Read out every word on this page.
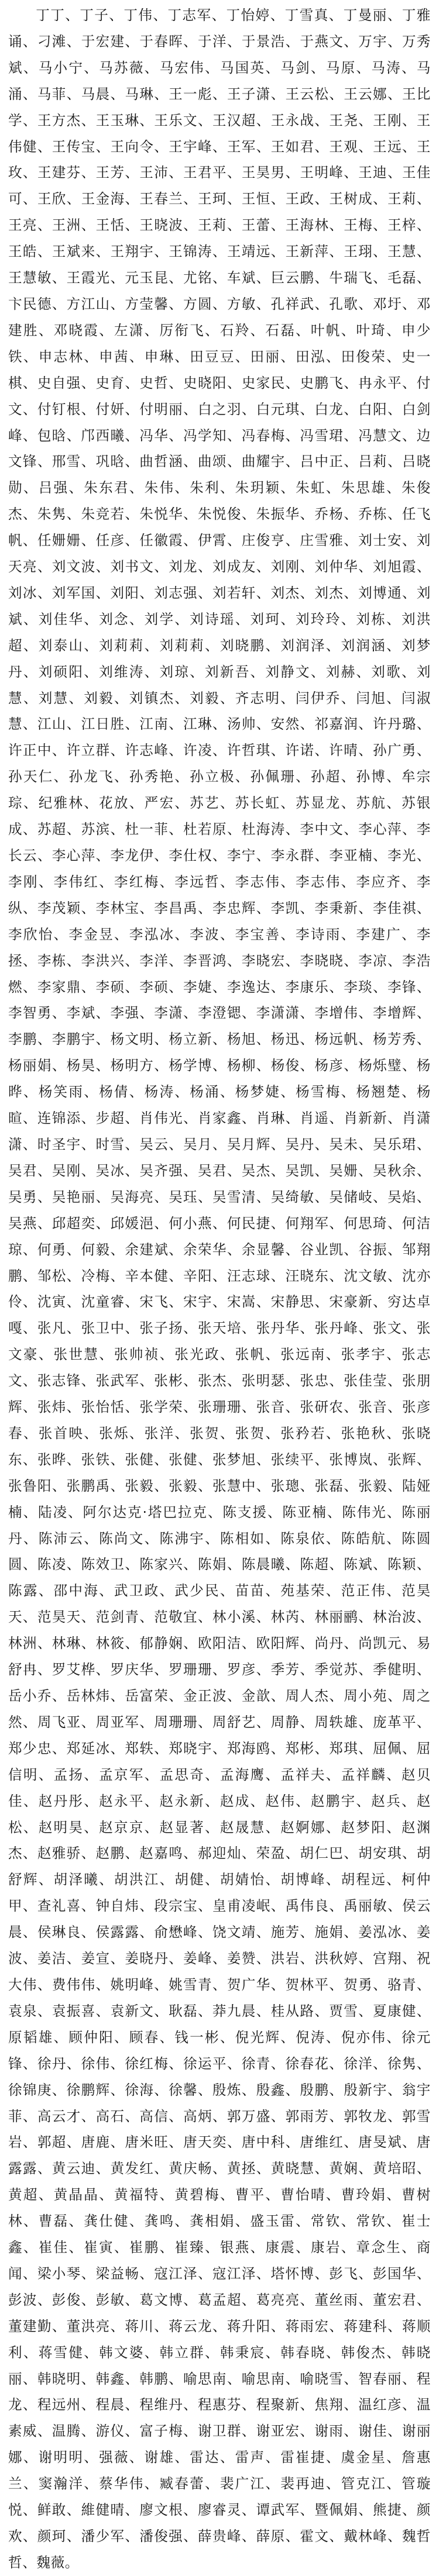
丁丁、丁子、丁伟、丁志军、丁怡婷、丁雪真、丁曼丽、丁雅诵、刁滩、于宏建、于春晖、于洋、于景浩、于燕文、万宇、万秀斌、马小宁、马苏薇、马宏伟、马国英、马剑、马原、马涛、马涌、马菲、马晨、马琳、王一彪、王子潇、王云松、王云娜、王比学、王方杰、王玉琳、王乐文、王汉超、王永战、王尧、王刚、王伟健、王传宝、王向令、王宇峰、王军、王如君、王观、王远、王玫、王建芬、王芳、王沛、王君平、王昊男、王明峰、王迪、王佳可、王欣、王金海、王春兰、王珂、王恒、王政、王树成、王莉、王亮、王洲、王恬、王晓波、王莉、王蕾、王海林、王梅、王梓、王皓、王斌来、王翔宇、王锦涛、王靖远、王新萍、王珝、王慧、王慧敏、王霞光、元玉昆、尤铭、车斌、巨云鹏、牛瑞飞、毛磊、卞民德、方江山、方莹馨、方圆、方敏、孔祥武、孔歌、邓圩、邓建胜、邓晓霞、左潇、厉衔飞、石羚、石磊、叶帆、叶琦、申少铁、申志林、申茜、申琳、田豆豆、田丽、田泓、田俊荣、史一棋、史自强、史育、史哲、史晓阳、史家民、史鹏飞、冉永平、付文、付钉根、付妍、付明丽、白之羽、白元琪、白龙、白阳、白剑峰、包晗、邝西曦、冯华、冯学知、冯春梅、冯雪珺、冯慧文、边文锋、邢雪、巩晗、曲哲涵、曲颂、曲耀宇、吕中正、吕莉、吕晓勋、吕强、朱东君、朱伟、朱利、朱玥颖、朱虹、朱思雄、朱俊杰、朱隽、朱竞若、朱悦华、朱悦俊、朱振华、乔杨、乔栋、任飞帆、任姗姗、任彦、任徽霞、伊霄、庄俊亨、庄雪雅、刘士安、刘天亮、刘文波、刘书文、刘龙、刘成友、刘刚、刘仲华、刘旭霞、刘冰、刘军国、刘阳、刘志强、刘若轩、刘杰、刘杰、刘博通、刘斌、刘佳华、刘念、刘学、刘诗瑶、刘珂、刘玲玲、刘栋、刘洪超、刘泰山、刘莉莉、刘莉莉、刘晓鹏、刘润泽、刘润涵、刘梦丹、刘硕阳、刘维涛、刘琼、刘新吾、刘静文、刘赫、刘歌、刘慧、刘慧、刘毅、刘镇杰、刘毅、齐志明、闫伊乔、闫旭、闫淑慧、江山、江日胜、江南、江琳、汤帅、安然、祁嘉润、许丹璐、许正中、许立群、许志峰、许凌、许哲琪、许诺、许晴、孙广勇、孙天仁、孙龙飞、孙秀艳、孙立极、孙佩珊、孙超、孙博、牟宗琮、纪雅林、花放、严宏、苏艺、苏长虹、苏显龙、苏航、苏银成、苏超、苏滨、杜一菲、杜若原、杜海涛、李中文、李心萍、李长云、李心萍、李龙伊、李仕权、李宁、李永群、李亚楠、李光、李刚、李伟红、李红梅、李远哲、李志伟、李志伟、李应齐、李纵、李茂颖、李林宝、李昌禹、李忠辉、李凯、李秉新、李佳祺、李欣怡、李金昱、李泓冰、李波、李宝善、李诗雨、李建广、李拯、李栋、李洪兴、李洋、李晋鸿、李晓宏、李晓晓、李凉、李浩燃、李家鼎、李硕、李硕、李婕、李逸达、李康乐、李琰、李锋、李智勇、李斌、李强、李潇、李澄锶、李潇潇、李增伟、李增辉、李鹏、李鹏宇、杨文明、杨立新、杨旭、杨迅、杨远帆、杨芳秀、杨丽娟、杨昊、杨明方、杨学博、杨柳、杨俊、杨彦、杨烁璧、杨晔、杨笑雨、杨倩、杨涛、杨涌、杨梦婕、杨雪梅、杨翘楚、杨暄、连锦添、步超、肖伟光、肖家鑫、肖琳、肖遥、肖新新、肖潇潇、时圣宇、时雪、吴云、吴月、吴月辉、吴丹、吴未、吴乐珺、吴君、吴刚、吴冰、吴齐强、吴君、吴杰、吴凯、吴姗、吴秋余、吴勇、吴艳丽、吴海亮、吴珏、吴雪清、吴绮敏、吴储岐、吴焰、吴燕、邱超奕、邱媛浥、何小燕、何民捷、何翔军、何思琦、何洁琼、何勇、何毅、余建斌、余荣华、余显馨、谷业凯、谷振、邹翔鹏、邹松、冷梅、辛本健、辛阳、汪志球、汪晓东、沈文敏、沈亦伶、沈寅、沈童睿、宋飞、宋宇、宋嵩、宋静思、宋豪新、穷达卓嘎、张凡、张卫中、张子扬、张天培、张丹华、张丹峰、张文、张文豪、张世慧、张帅祯、张光政、张帆、张远南、张孝宇、张志文、张志锋、张武军、张彬、张杰、张明瑟、张忠、张佳莹、张朋辉、张炜、张怡恬、张学荣、张珊珊、张音、张研农、张音、张彦春、张首映、张烁、张洋、张贺、张贺、张矜若、张艳秋、张晓东、张晔、张铁、张健、张健、张梦旭、张续平、张博岚、张辉、张鲁阳、张鹏禹、张毅、张毅、张慧中、张璁、张磊、张毅、陆娅楠、陆凌、阿尔达克·塔巴拉克、陈支援、陈亚楠、陈伟光、陈丽丹、陈沛云、陈尚文、陈沸宇、陈相如、陈泉依、陈皓航、陈圆圆、陈凌、陈效卫、陈家兴、陈娟、陈晨曦、陈超、陈斌、陈颖、陈露、邵中海、武卫政、武少民、苗苗、苑基荣、范正伟、范昊天、范昊天、范剑青、范敬宜、林小溪、林芮、林丽鹂、林治波、林洲、林琳、林筱、郁静娴、欧阳洁、欧阳辉、尚丹、尚凯元、易舒冉、罗艾桦、罗庆华、罗珊珊、罗彦、季芳、季觉苏、季健明、岳小乔、岳林炜、岳富荣、金正波、金歆、周人杰、周小苑、周之然、周飞亚、周亚军、周珊珊、周舒艺、周静、周轶雄、庞革平、郑少忠、郑延冰、郑轶、郑晓宇、郑海鸥、郑彬、郑琪、屈佩、屈信明、孟扬、孟京军、孟思奇、孟海鹰、孟祥夫、孟祥麟、赵贝佳、赵丹彤、赵永平、赵永新、赵成、赵伟、赵鹏宇、赵兵、赵松、赵明昊、赵京京、赵显著、赵晟慧、赵婀娜、赵梦阳、赵渊杰、赵雅骄、赵鹏、赵嘉鸣、郝迎灿、荣盈、胡仁巴、胡安琪、胡舒辉、胡泽曦、胡洪江、胡健、胡婧怡、胡博峰、胡程远、柯仲甲、查礼喜、钟自炜、段宗宝、皇甫凌岷、禹伟良、禹丽敏、侯云晨、侯琳良、侯露露、俞懋峰、饶文靖、施芳、施娟、姜泓冰、姜波、姜洁、姜宣、姜晓丹、姜峰、姜赞、洪岩、洪秋婷、宫翔、祝大伟、费伟伟、姚明峰、姚雪青、贺广华、贺林平、贺勇、骆青、袁泉、袁振喜、袁新文、耿磊、莽九晨、桂从路、贾雪、夏康健、原韬雄、顾仲阳、顾春、钱一彬、倪光辉、倪涛、倪亦伟、徐元锋、徐丹、徐伟、徐红梅、徐运平、徐青、徐春花、徐洋、徐隽、徐锦庚、徐鹏辉、徐海、徐馨、殷炼、殷鑫、殷鹏、殷新宇、翁宇菲、高云才、高石、高信、高炳、郭万盛、郭雨芳、郭牧龙、郭雪岩、郭超、唐鹿、唐米旺、唐天奕、唐中科、唐维红、唐旻斌、唐露露、黄云迪、黄发红、黄庆畅、黄拯、黄晓慧、黄娴、黄培昭、黄超、黄晶晶、黄福特、黄碧梅、曹平、曹怡晴、曹玲娟、曹树林、曹磊、龚仕健、龚鸣、龚相娟、盛玉雷、常钦、常钦、崔士鑫、崔佳、崔寅、崔鹏、崔臻、银燕、康震、康岩、章念生、商闻、梁小琴、梁益畅、寇江泽、寇江泽、塔怀博、彭飞、彭国华、彭波、彭俊、彭敏、葛文博、葛孟超、葛亮亮、董丝雨、董宏君、董建勤、董洪亮、蒋川、蒋云龙、蒋升阳、蒋雨宏、蒋建科、蒋顺利、蒋雪健、韩文婆、韩立群、韩秉宸、韩春晓、韩俊杰、韩晓丽、韩晓明、韩鑫、韩鹏、喻思南、喻思南、喻晓雪、智春丽、程龙、程远州、程晨、程维丹、程惠芬、程聚新、焦翔、温红彦、温素威、温腾、游仪、富子梅、谢卫群、谢亚宏、谢雨、谢佳、谢丽娜、谢明明、强薇、谢雄、雷达、雷声、雷崔捷、虞金星、詹惠兰、窦瀚洋、蔡华伟、臧春蕾、裴广江、裴再迪、管克江、管璇悦、鲜敢、維健晴、廖文根、廖睿灵、谭武军、暨佩娟、熊捷、颜欢、颜珂、潘少军、潘俊强、薛贵峰、薛原、霍文、戴林峰、魏哲哲、魏薇。
